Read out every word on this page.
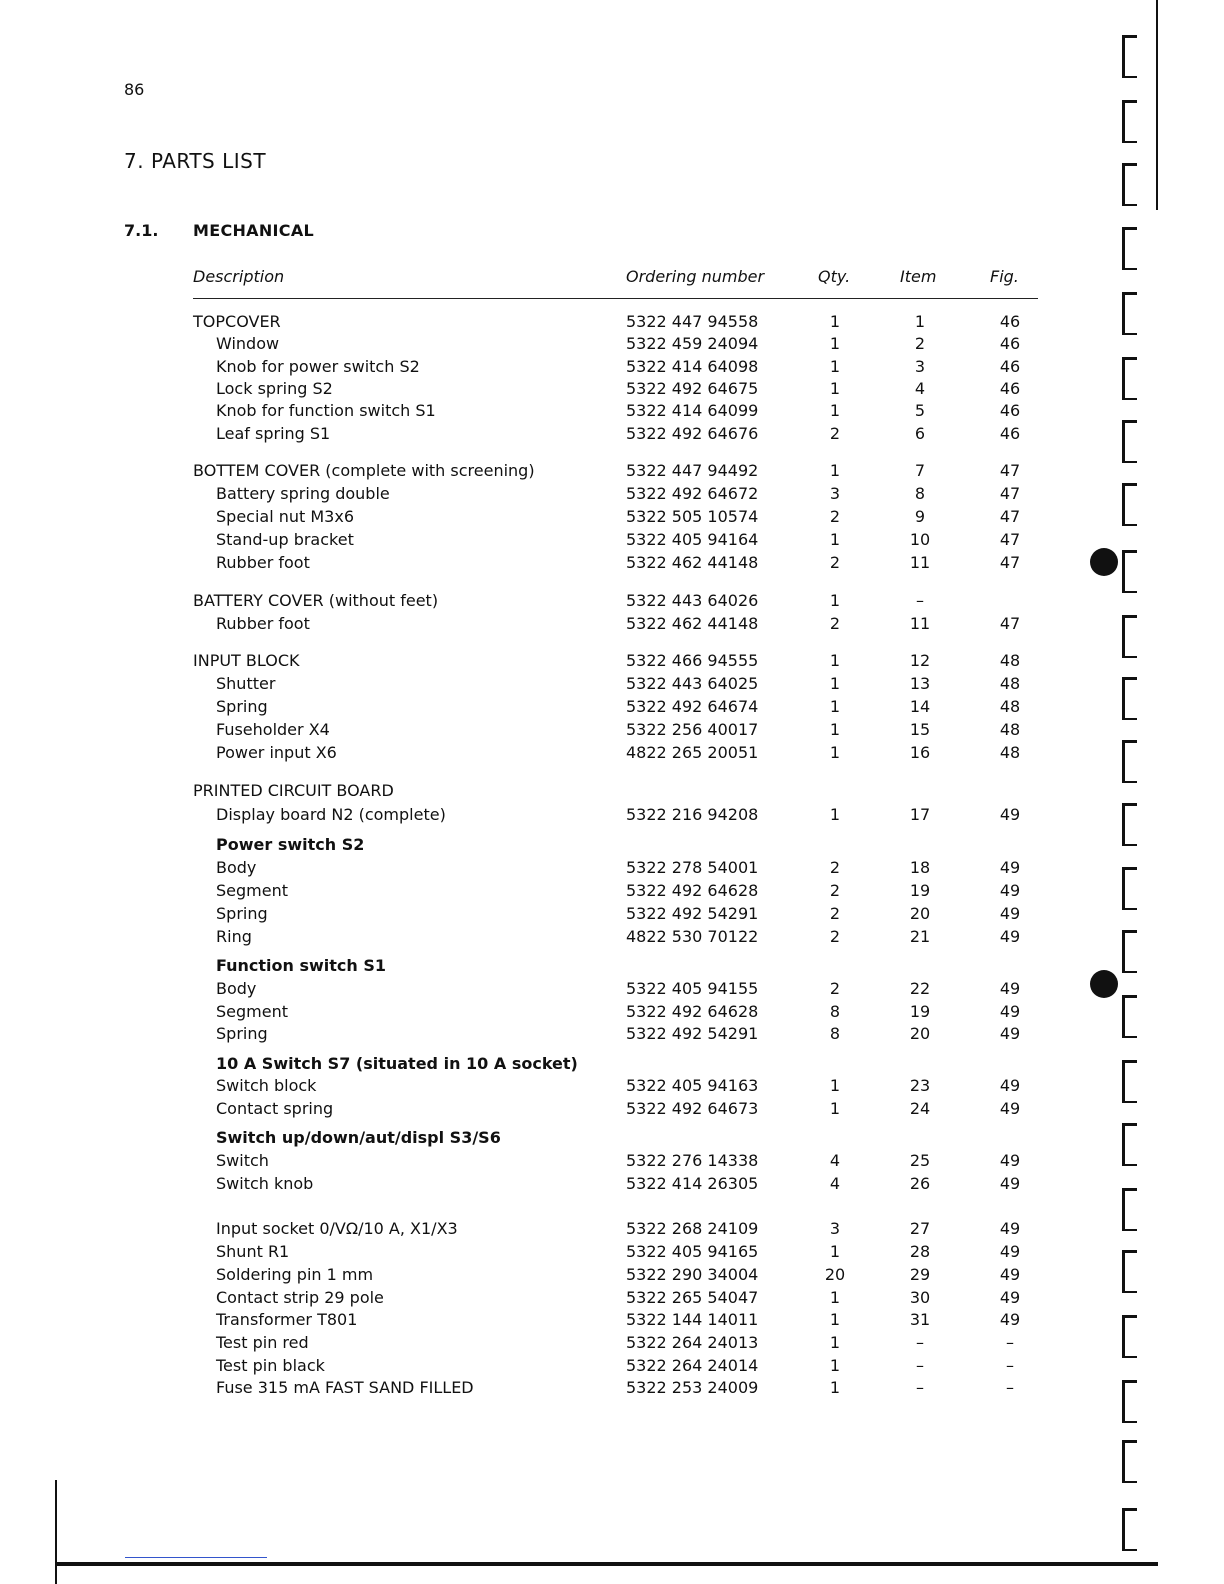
86
7. PARTS LIST
7.1. MECHANICAL
Description	Ordering number	Qty.	Item	Fig.
TOPCOVER	5322 447 94558	1	1	46
Window	5322 459 24094	1	2	46
Knob for power switch S2	5322 414 64098	1	3	46
Lock spring S2	5322 492 64675	1	4	46
Knob for function switch S1	5322 414 64099	1	5	46
Leaf spring S1	5322 492 64676	2	6	46
BOTTEM COVER (complete with screening)	5322 447 94492	1	7	47
Battery spring double	5322 492 64672	3	8	47
Special nut M3x6	5322 505 10574	2	9	47
Stand-up bracket	5322 405 94164	1	10	47
Rubber foot	5322 462 44148	2	11	47
BATTERY COVER (without feet)	5322 443 64026	1	–
Rubber foot	5322 462 44148	2	11	47
INPUT BLOCK	5322 466 94555	1	12	48
Shutter	5322 443 64025	1	13	48
Spring	5322 492 64674	1	14	48
Fuseholder X4	5322 256 40017	1	15	48
Power input X6	4822 265 20051	1	16	48
PRINTED CIRCUIT BOARD
Display board N2 (complete)	5322 216 94208	1	17	49
Power switch S2
Body	5322 278 54001	2	18	49
Segment	5322 492 64628	2	19	49
Spring	5322 492 54291	2	20	49
Ring	4822 530 70122	2	21	49
Function switch S1
Body	5322 405 94155	2	22	49
Segment	5322 492 64628	8	19	49
Spring	5322 492 54291	8	20	49
10 A Switch S7 (situated in 10 A socket)
Switch block	5322 405 94163	1	23	49
Contact spring	5322 492 64673	1	24	49
Switch up/down/aut/displ S3/S6
Switch	5322 276 14338	4	25	49
Switch knob	5322 414 26305	4	26	49
Input socket 0/VΩ/10 A, X1/X3	5322 268 24109	3	27	49
Shunt R1	5322 405 94165	1	28	49
Soldering pin 1 mm	5322 290 34004	20	29	49
Contact strip 29 pole	5322 265 54047	1	30	49
Transformer T801	5322 144 14011	1	31	49
Test pin red	5322 264 24013	1	–	–
Test pin black	5322 264 24014	1	–	–
Fuse 315 mA FAST SAND FILLED	5322 253 24009	1	–	–
